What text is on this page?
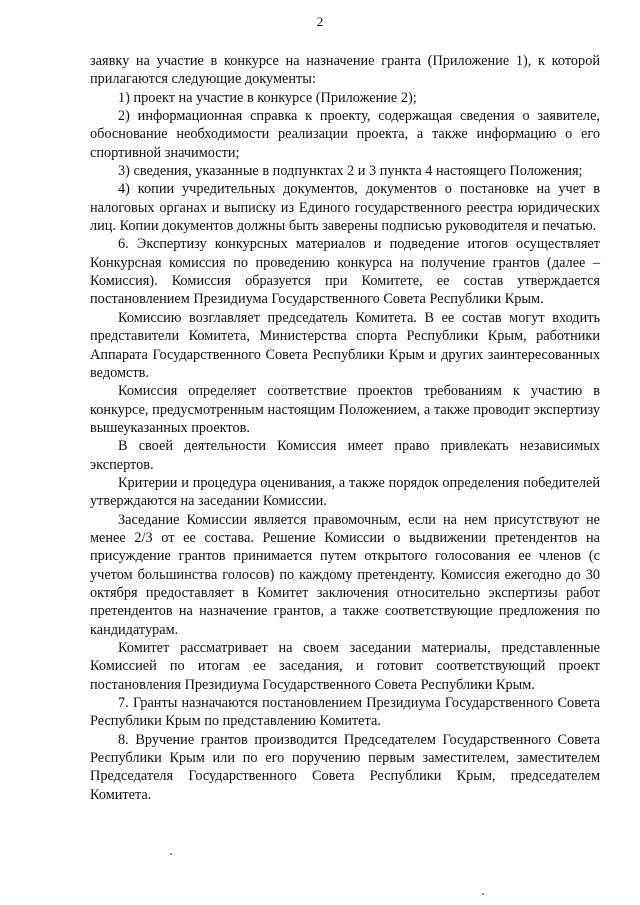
2

заявку на участие в конкурсе на назначение гранта (Приложение 1), к которой прилагаются следующие документы:

1) проект на участие в конкурсе (Приложение 2);

2) информационная справка к проекту, содержащая сведения о заявителе, обоснование необходимости реализации проекта, а также информацию о его спортивной значимости;

3) сведения, указанные в подпунктах 2 и 3 пункта 4 настоящего Положения;

4) копии учредительных документов, документов о постановке на учет в налоговых органах и выписку из Единого государственного реестра юридических лиц. Копии документов должны быть заверены подписью руководителя и печатью.

6. Экспертизу конкурсных материалов и подведение итогов осуществляет Конкурсная комиссия по проведению конкурса на получение грантов (далее – Комиссия). Комиссия образуется при Комитете, ее состав утверждается постановлением Президиума Государственного Совета Республики Крым.

Комиссию возглавляет председатель Комитета. В ее состав могут входить представители Комитета, Министерства спорта Республики Крым, работники Аппарата Государственного Совета Республики Крым и других заинтересованных ведомств.

Комиссия определяет соответствие проектов требованиям к участию в конкурсе, предусмотренным настоящим Положением, а также проводит экспертизу вышеуказанных проектов.

В своей деятельности Комиссия имеет право привлекать независимых экспертов.

Критерии и процедура оценивания, а также порядок определения победителей утверждаются на заседании Комиссии.

Заседание Комиссии является правомочным, если на нем присутствуют не менее 2/3 от ее состава. Решение Комиссии о выдвижении претендентов на присуждение грантов принимается путем открытого голосования ее членов (с учетом большинства голосов) по каждому претенденту. Комиссия ежегодно до 30 октября предоставляет в Комитет заключения относительно экспертизы работ претендентов на назначение грантов, а также соответствующие предложения по кандидатурам.

Комитет рассматривает на своем заседании материалы, представленные Комиссией по итогам ее заседания, и готовит соответствующий проект постановления Президиума Государственного Совета Республики Крым.

7. Гранты назначаются постановлением Президиума Государственного Совета Республики Крым по представлению Комитета.

8. Вручение грантов производится Председателем Государственного Совета Республики Крым или по его поручению первым заместителем, заместителем Председателя Государственного Совета Республики Крым, председателем Комитета.
